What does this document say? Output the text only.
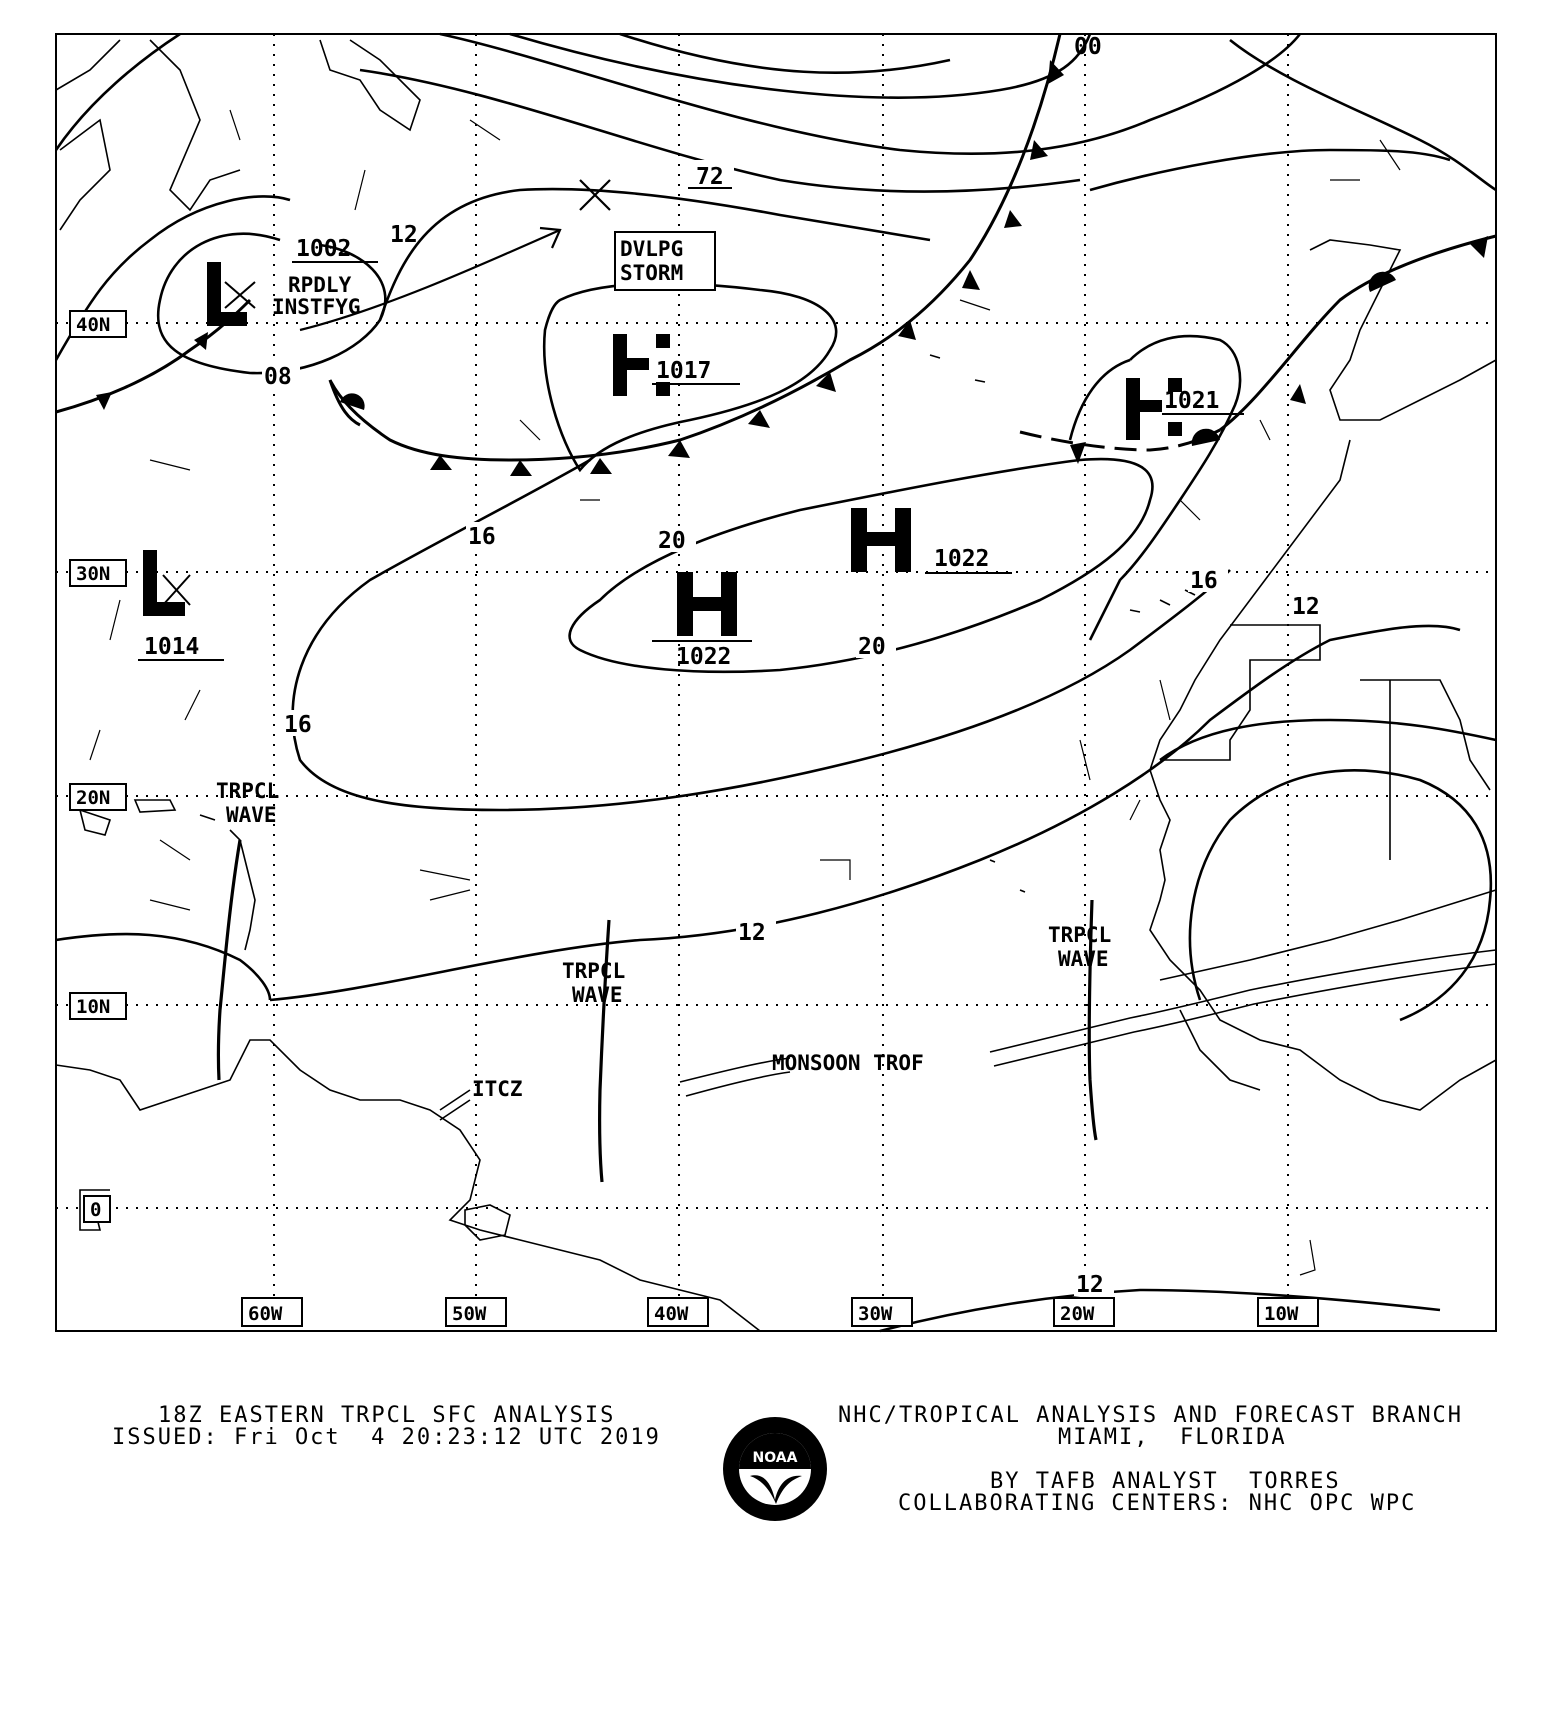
40N
30N
20N
10N
0
60W	50W	40W	30W	20W	10W
72
12
08
16	20
20
16
16
12
12
12
00
1002
1014
1017
1021
1022
1022
RPDLY
INSTFYG
DVLPG
STORM
TRPCL
WAVE
TRPCL
WAVE
TRPCL
WAVE
MONSOON TROF
ITCZ
18Z EASTERN TRPCL SFC ANALYSIS
ISSUED: Fri Oct  4 20:23:12 UTC 2019
NHC/TROPICAL ANALYSIS AND FORECAST BRANCH
MIAMI,  FLORIDA
BY TAFB ANALYST  TORRES
COLLABORATING CENTERS: NHC OPC WPC
NOAA
